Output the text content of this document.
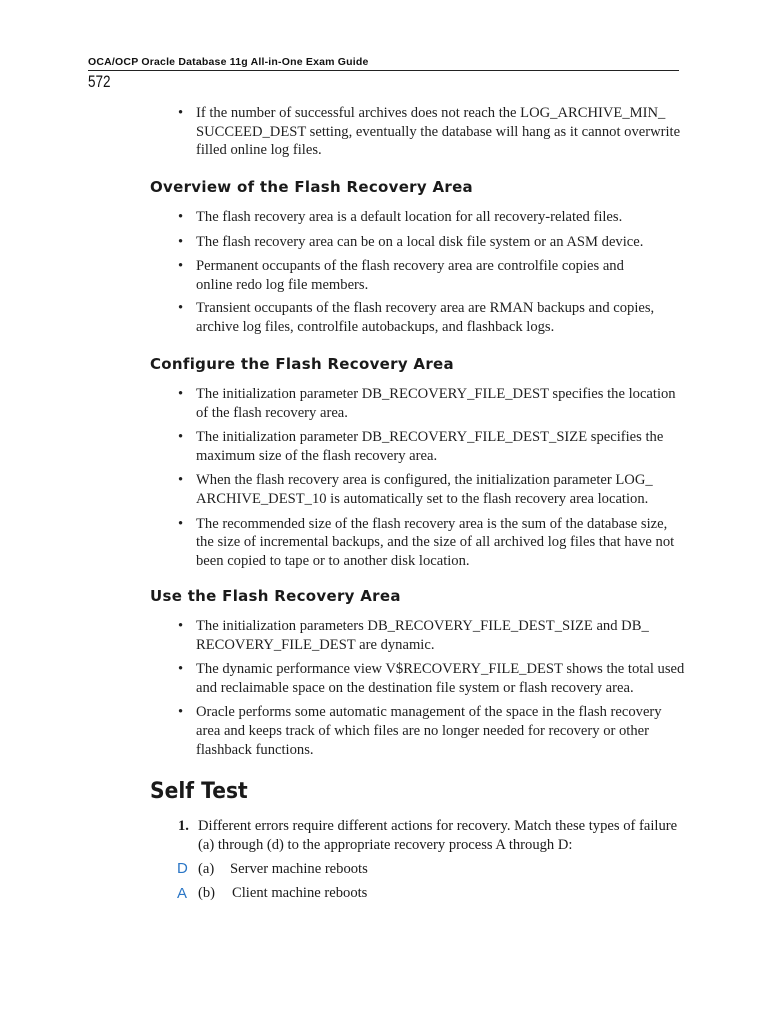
OCA/OCP Oracle Database 11g All-in-One Exam Guide
572
• If the number of successful archives does not reach the LOG_ARCHIVE_MIN_ SUCCEED_DEST setting, eventually the database will hang as it cannot overwrite filled online log files.
Overview of the Flash Recovery Area
• The flash recovery area is a default location for all recovery-related files.
• The flash recovery area can be on a local disk file system or an ASM device.
• Permanent occupants of the flash recovery area are controlfile copies and online redo log file members.
• Transient occupants of the flash recovery area are RMAN backups and copies, archive log files, controlfile autobackups, and flashback logs.
Configure the Flash Recovery Area
• The initialization parameter DB_RECOVERY_FILE_DEST specifies the location of the flash recovery area.
• The initialization parameter DB_RECOVERY_FILE_DEST_SIZE specifies the maximum size of the flash recovery area.
• When the flash recovery area is configured, the initialization parameter LOG_ ARCHIVE_DEST_10 is automatically set to the flash recovery area location.
• The recommended size of the flash recovery area is the sum of the database size, the size of incremental backups, and the size of all archived log files that have not been copied to tape or to another disk location.
Use the Flash Recovery Area
• The initialization parameters DB_RECOVERY_FILE_DEST_SIZE and DB_ RECOVERY_FILE_DEST are dynamic.
• The dynamic performance view V$RECOVERY_FILE_DEST shows the total used and reclaimable space on the destination file system or flash recovery area.
• Oracle performs some automatic management of the space in the flash recovery area and keeps track of which files are no longer needed for recovery or other flashback functions.
Self Test
1. Different errors require different actions for recovery. Match these types of failure (a) through (d) to the appropriate recovery process A through D:
D (a) Server machine reboots
A (b) Client machine reboots
